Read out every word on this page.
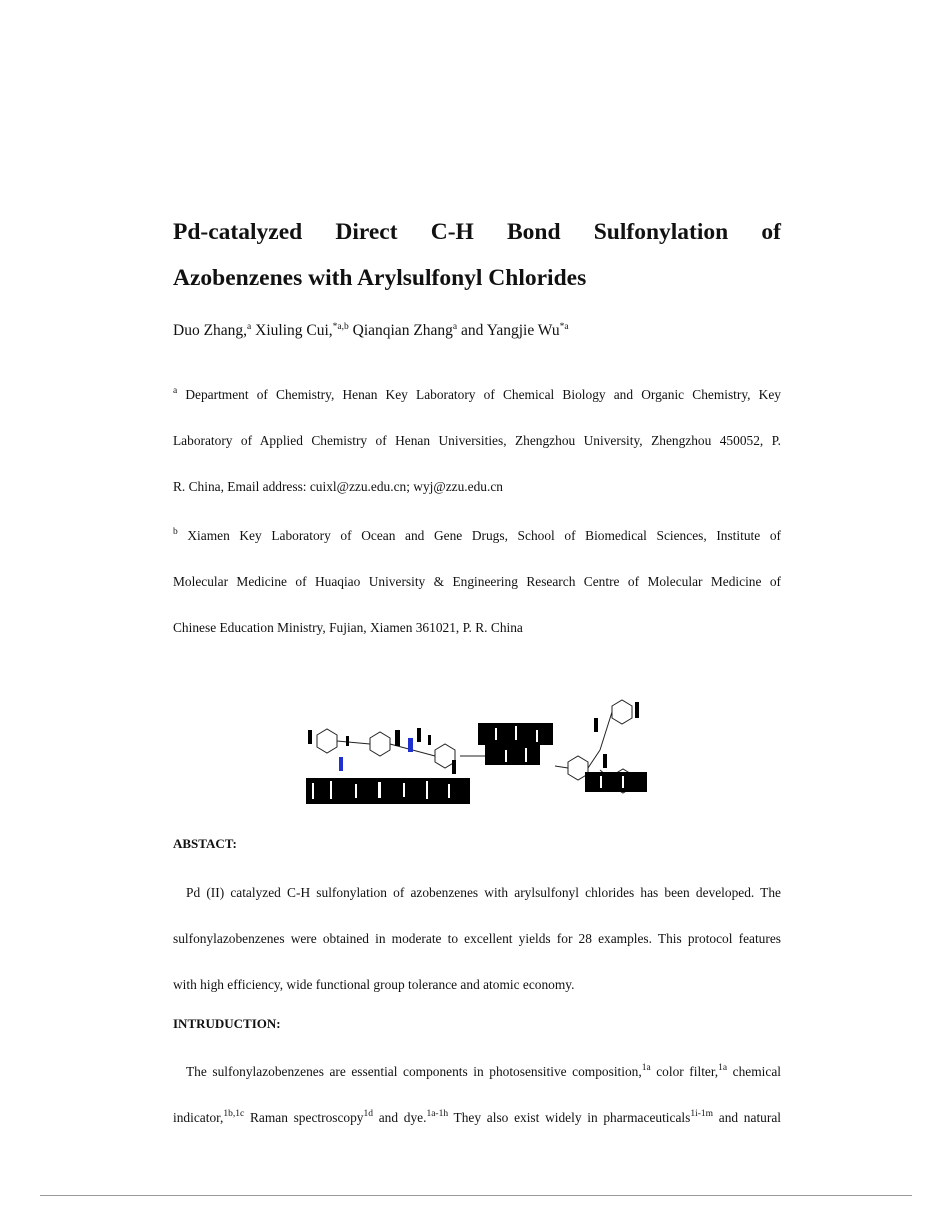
Pd-catalyzed Direct C-H Bond Sulfonylation of
Azobenzenes with Arylsulfonyl Chlorides
Duo Zhang,$^a$ Xiuling Cui,$^{*a,b}$ Qianqian Zhang$^a$ and Yangjie Wu$^{*a}$
$^a$ Department of Chemistry, Henan Key Laboratory of Chemical Biology and Organic Chemistry, Key
Laboratory of Applied Chemistry of Henan Universities, Zhengzhou University, Zhengzhou 450052, P.
R. China, Email address: cuixl@zzu.edu.cn; wyj@zzu.edu.cn
$^b$ Xiamen Key Laboratory of Ocean and Gene Drugs, School of Biomedical Sciences, Institute of
Molecular Medicine of Huaqiao University & Engineering Research Centre of Molecular Medicine of
Chinese Education Ministry, Fujian, Xiamen 361021, P. R. China
ABSTACT:
Pd (II) catalyzed C-H sulfonylation of azobenzenes with arylsulfonyl chlorides has been developed. The
sulfonylazobenzenes were obtained in moderate to excellent yields for 28 examples. This protocol features
with high efficiency, wide functional group tolerance and atomic economy.
INTRUDUCTION:
The sulfonylazobenzenes are essential components in photosensitive composition,$^{1a}$ color filter,$^{1a}$ chemical
indicator,$^{1b,1c}$ Raman spectroscopy$^{1d}$ and dye.$^{1a-1h}$ They also exist widely in pharmaceuticals$^{1i-1m}$ and natural
